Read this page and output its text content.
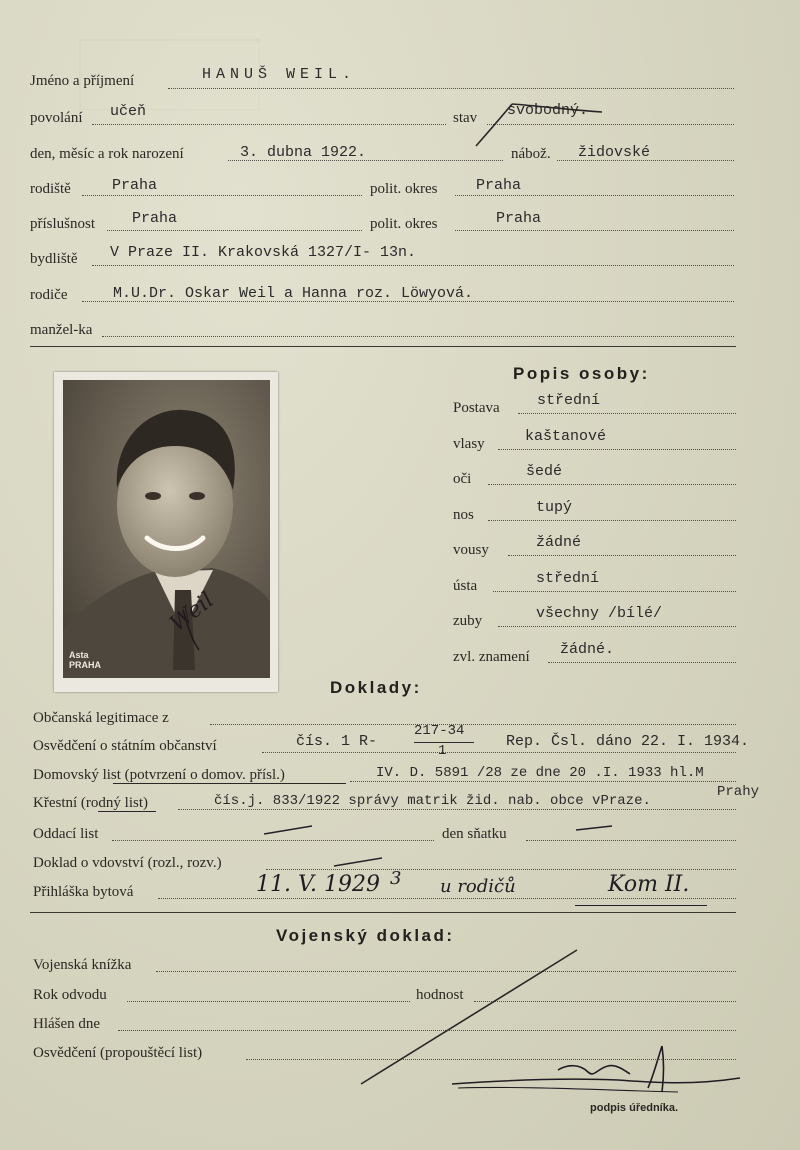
Jméno a příjmení	HANUŠ WEIL.
povolání učeň	stav svobodný.
den, měsíc a rok narození	3. dubna 1922.	nábož. židovské
rodiště	Praha	polit. okres	Praha
příslušnost Praha	polit. okres	Praha
bydliště V Praze II. Krakovská 1327/I- 13n.
rodiče	M.U.Dr. Oskar Weil a Hanna roz. Löwyová.
manžel-ka
Weil
Asta PRAHA
Popis osoby:
Postava střední
vlasy	kaštanové
oči	šedé
nos	tupý
vousy	žádné
ústa	střední
zuby	všechny /bílé/
zvl. znamení žádné.
Doklady:
Občanská legitimace z
Osvědčení o státním občanství	čís. 1 R-
217-34
1
Rep. Čsl. dáno 22. I. 1934.
Domovský list (potvrzení o domov. přísl.)	IV. D. 5891 /28 ze dne 20 .I. 1933 hl.M
Křestní (rodný list)	čís.j. 833/1922 správy matrik žid. nab. obce vPraze.
Prahy
Oddací list	den sňatku
Doklad o vdovství (rozl., rozv.)
Přihláška bytová	11. V. 1929 3 u rodičů	Kom II.
Vojenský doklad:
Vojenská knížka
Rok odvodu	hodnost
Hlášen dne
Osvědčení (propouštěcí list)
podpis úředníka.
